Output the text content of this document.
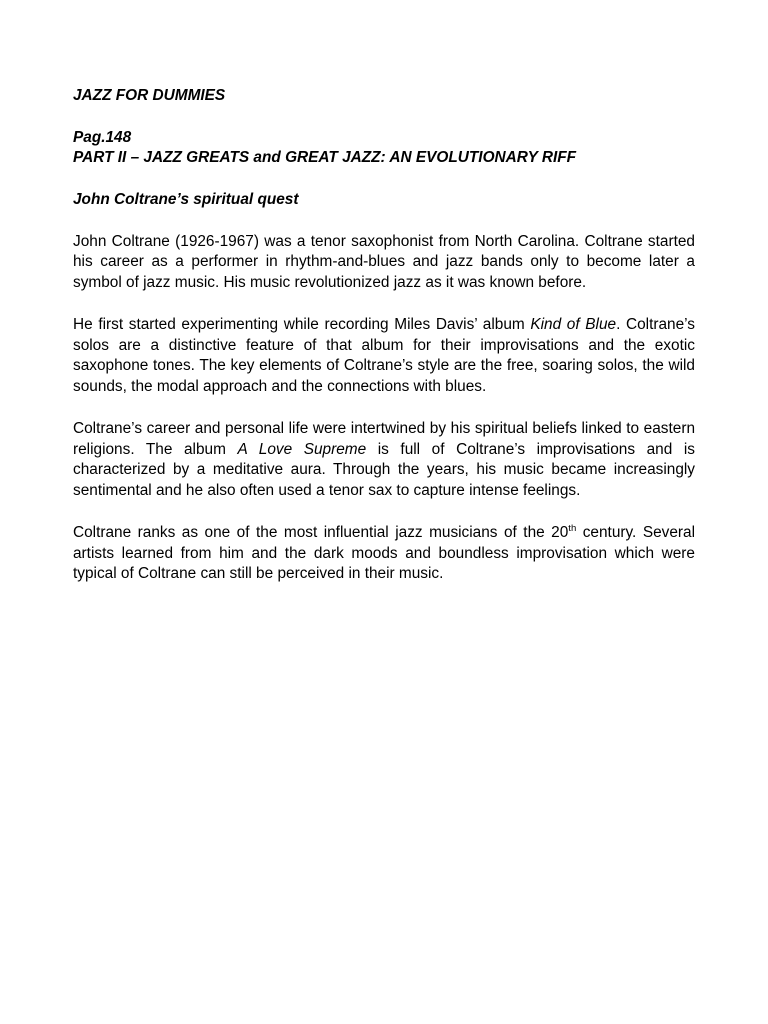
JAZZ FOR DUMMIES

Pag.148

PART II – JAZZ GREATS and GREAT JAZZ: AN EVOLUTIONARY RIFF

John Coltrane’s spiritual quest

John Coltrane (1926-1967) was a tenor saxophonist from North Carolina. Coltrane started his career as a performer in rhythm-and-blues and jazz bands only to become later a symbol of jazz music. His music revolutionized jazz as it was known before.

He first started experimenting while recording Miles Davis’ album Kind of Blue. Coltrane’s solos are a distinctive feature of that album for their improvisations and the exotic saxophone tones. The key elements of Coltrane’s style are the free, soaring solos, the wild sounds, the modal approach and the connections with blues.

Coltrane’s career and personal life were intertwined by his spiritual beliefs linked to eastern religions. The album A Love Supreme is full of Coltrane’s improvisations and is characterized by a meditative aura. Through the years, his music became increasingly sentimental and he also often used a tenor sax to capture intense feelings.

Coltrane ranks as one of the most influential jazz musicians of the 20th century. Several artists learned from him and the dark moods and boundless improvisation which were typical of Coltrane can still be perceived in their music.
